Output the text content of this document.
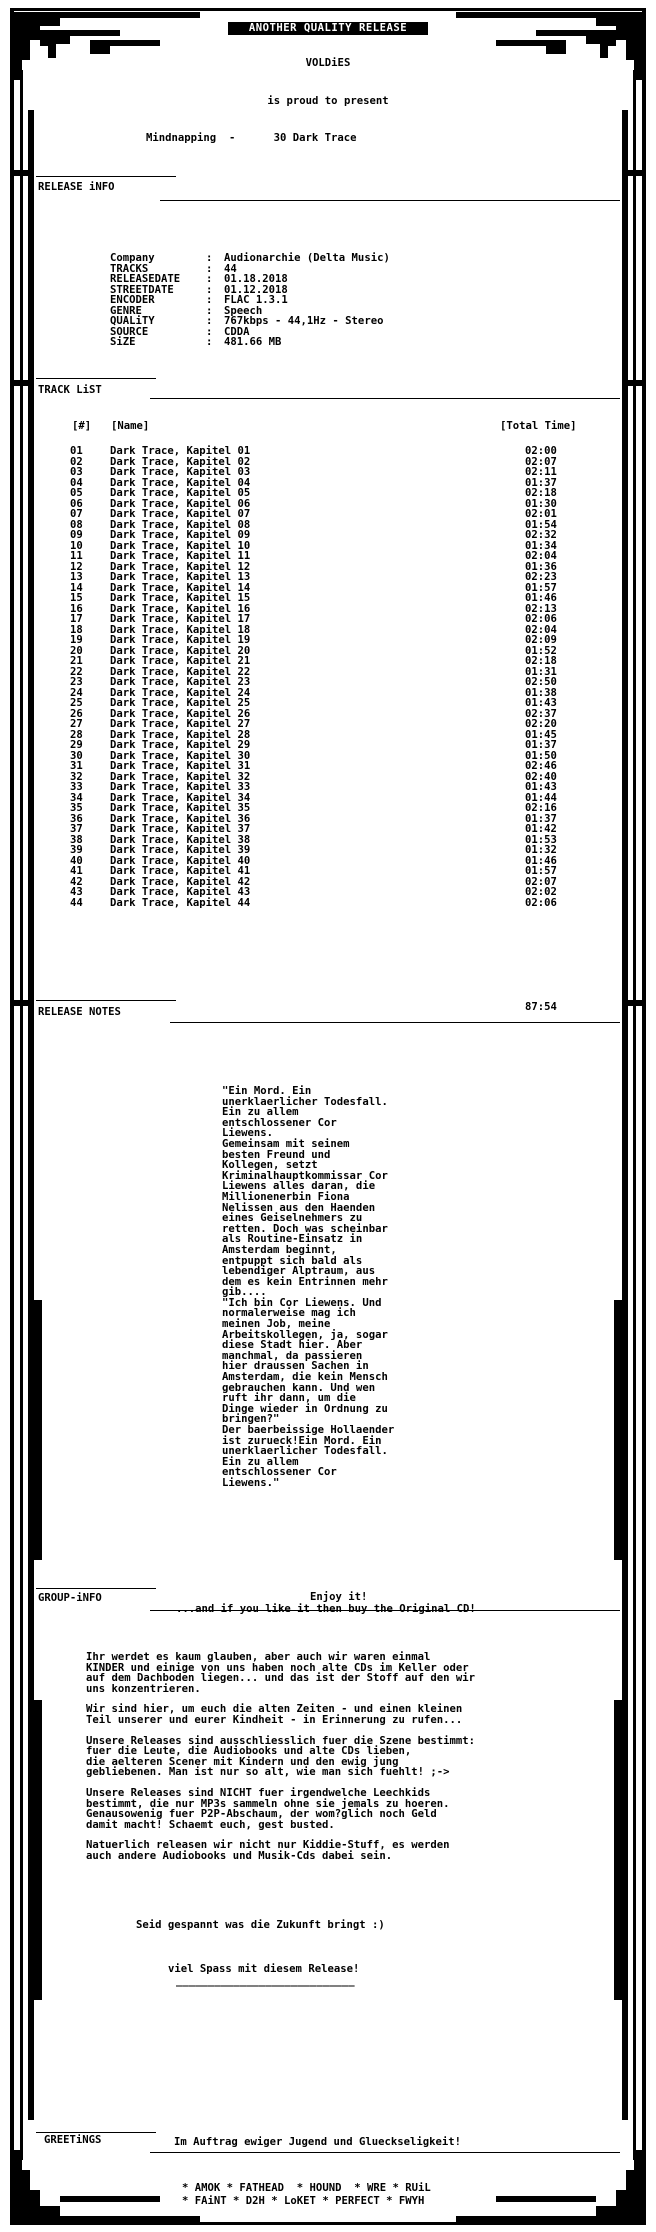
ANOTHER QUALITY RELEASE
VOLDiES
is proud to present
Mindnapping -	30 Dark Trace
RELEASE iNFO
Company	: Audionarchie (Delta Music)
TRACKS	: 44
RELEASEDATE : 01.18.2018
STREETDATE	: 01.12.2018
ENCODER	: FLAC 1.3.1
GENRE	: Speech
QUALiTY	: 767kbps - 44,1Hz - Stereo
SOURCE	: CDDA
SiZE	: 481.66 MB
TRACK LiST
[#] [Name]	[Total Time]
01	Dark Trace, Kapitel 01	02:00
02	Dark Trace, Kapitel 02	02:07
03	Dark Trace, Kapitel 03	02:11
04	Dark Trace, Kapitel 04	01:37
05	Dark Trace, Kapitel 05	02:18
06	Dark Trace, Kapitel 06	01:30
07	Dark Trace, Kapitel 07	02:01
08	Dark Trace, Kapitel 08	01:54
09	Dark Trace, Kapitel 09	02:32
10	Dark Trace, Kapitel 10	01:34
11	Dark Trace, Kapitel 11	02:04
12	Dark Trace, Kapitel 12	01:36
13	Dark Trace, Kapitel 13	02:23
14	Dark Trace, Kapitel 14	01:57
15	Dark Trace, Kapitel 15	01:46
16	Dark Trace, Kapitel 16	02:13
17	Dark Trace, Kapitel 17	02:06
18	Dark Trace, Kapitel 18	02:04
19	Dark Trace, Kapitel 19	02:09
20	Dark Trace, Kapitel 20	01:52
21	Dark Trace, Kapitel 21	02:18
22	Dark Trace, Kapitel 22	01:31
23	Dark Trace, Kapitel 23	02:50
24	Dark Trace, Kapitel 24	01:38
25	Dark Trace, Kapitel 25	01:43
26	Dark Trace, Kapitel 26	02:37
27	Dark Trace, Kapitel 27	02:20
28	Dark Trace, Kapitel 28	01:45
29	Dark Trace, Kapitel 29	01:37
30	Dark Trace, Kapitel 30	01:50
31	Dark Trace, Kapitel 31	02:46
32	Dark Trace, Kapitel 32	02:40
33	Dark Trace, Kapitel 33	01:43
34	Dark Trace, Kapitel 34	01:44
35	Dark Trace, Kapitel 35	02:16
36	Dark Trace, Kapitel 36	01:37
37	Dark Trace, Kapitel 37	01:42
38	Dark Trace, Kapitel 38	01:53
39	Dark Trace, Kapitel 39	01:32
40	Dark Trace, Kapitel 40	01:46
41	Dark Trace, Kapitel 41	01:57
42	Dark Trace, Kapitel 42	02:07
43	Dark Trace, Kapitel 43	02:02
44	Dark Trace, Kapitel 44	02:06
87:54
RELEASE NOTES
"Ein Mord. Ein
unerklaerlicher Todesfall.
Ein zu allem
entschlossener Cor
Liewens.
Gemeinsam mit seinem
besten Freund und
Kollegen, setzt
Kriminalhauptkommissar Cor
Liewens alles daran, die
Millionenerbin Fiona
Nelissen aus den Haenden
eines Geiselnehmers zu
retten. Doch was scheinbar
als Routine-Einsatz in
Amsterdam beginnt,
entpuppt sich bald als
lebendiger Alptraum, aus
dem es kein Entrinnen mehr
gib....
"Ich bin Cor Liewens. Und
normalerweise mag ich
meinen Job, meine
Arbeitskollegen, ja, sogar
diese Stadt hier. Aber
manchmal, da passieren
hier draussen Sachen in
Amsterdam, die kein Mensch
gebrauchen kann. Und wen
ruft ihr dann, um die
Dinge wieder in Ordnung zu
bringen?"
Der baerbeissige Hollaender
ist zurueck!Ein Mord. Ein
unerklaerlicher Todesfall.
Ein zu allem
entschlossener Cor
Liewens."
GROUP-iNFO	Enjoy it!
...and if you like it then buy the Original CD!

Ihr werdet es kaum glauben, aber auch wir waren einmal
KINDER und einige von uns haben noch alte CDs im Keller oder
auf dem Dachboden liegen... und das ist der Stoff auf den wir
uns konzentrieren.

Wir sind hier, um euch die alten Zeiten - und einen kleinen
Teil unserer und eurer Kindheit - in Erinnerung zu rufen...

Unsere Releases sind ausschliesslich fuer die Szene bestimmt:
fuer die Leute, die Audiobooks und alte CDs lieben,
die aelteren Scener mit Kindern und den ewig jung
gebliebenen. Man ist nur so alt, wie man sich fuehlt! ;->

Unsere Releases sind NICHT fuer irgendwelche Leechkids
bestimmt, die nur MP3s sammeln ohne sie jemals zu hoeren.
Genausowenig fuer P2P-Abschaum, der wom?glich noch Geld
damit macht! Schaemt euch, gest busted.

Natuerlich releasen wir nicht nur Kiddie-Stuff, es werden
auch andere Audiobooks und Musik-Cds dabei sein.

Seid gespannt was die Zukunft bringt :)
viel Spass mit diesem Release!
____________________________
GREETiNGS	Im Auftrag ewiger Jugend und Glueckseligkeit!
* AMOK * FATHEAD  * HOUND  * WRE * RUiL
* FAiNT * D2H * LoKET * PERFECT * FWYH
